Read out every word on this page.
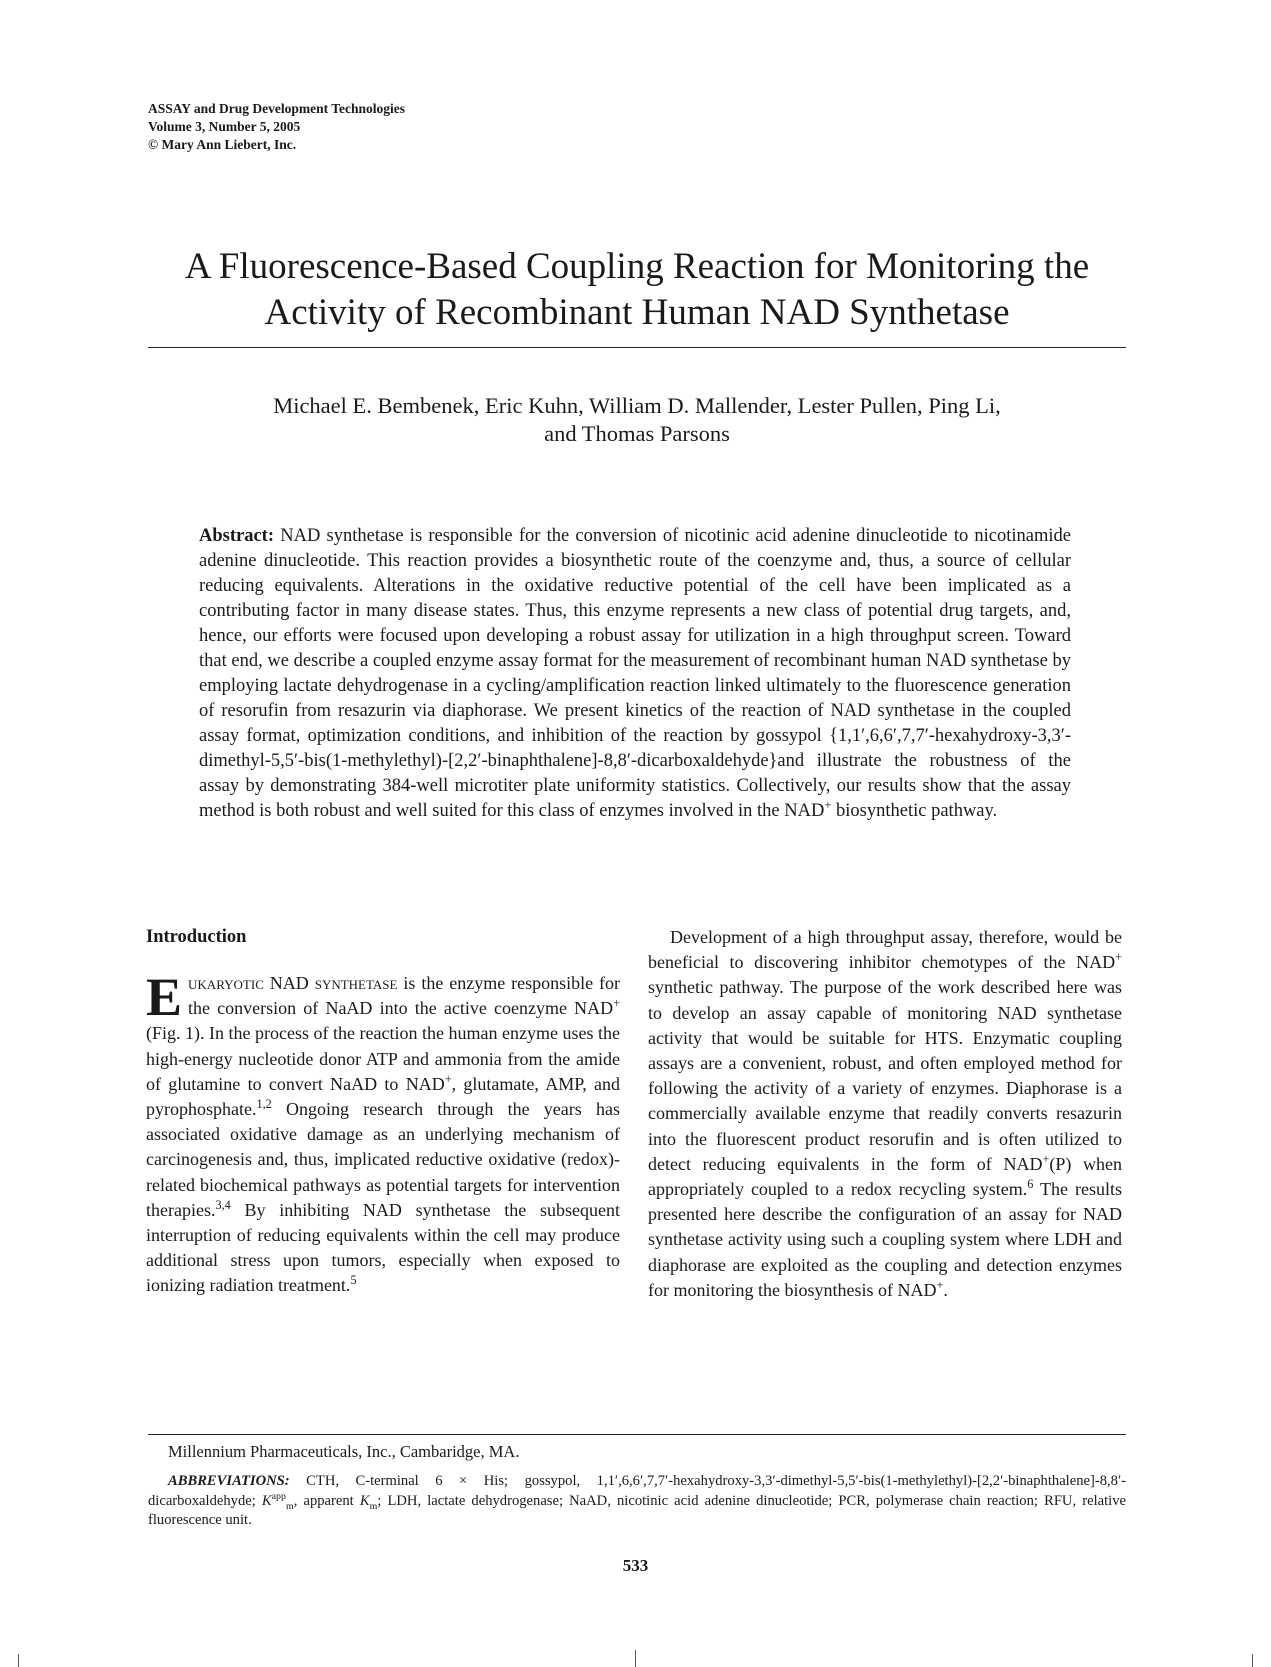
ASSAY and Drug Development Technologies
Volume 3, Number 5, 2005
© Mary Ann Liebert, Inc.
A Fluorescence-Based Coupling Reaction for Monitoring the
Activity of Recombinant Human NAD Synthetase
Michael E. Bembenek, Eric Kuhn, William D. Mallender, Lester Pullen, Ping Li,
and Thomas Parsons

Abstract: NAD synthetase is responsible for the conversion of nicotinic acid adenine dinucleotide to nicotinamide adenine dinucleotide. This reaction provides a biosynthetic route of the coenzyme and, thus, a source of cellular reducing equivalents. Alterations in the oxidative reductive potential of the cell have been implicated as a contributing factor in many disease states. Thus, this enzyme represents a new class of potential drug targets, and, hence, our efforts were focused upon developing a robust assay for utilization in a high throughput screen. Toward that end, we describe a coupled enzyme assay format for the measurement of recombinant human NAD synthetase by employing lactate dehydrogenase in a cycling/amplification reaction linked ultimately to the fluorescence generation of resorufin from resazurin via diaphorase. We present kinetics of the reaction of NAD synthetase in the coupled assay format, optimization conditions, and inhibition of the reaction by gossypol {1,1′,6,6′,7,7′-hexahydroxy-3,3′-dimethyl-5,5′-bis(1-methylethyl)-[2,2′-binaphthalene]-8,8′-dicarboxaldehyde}and illustrate the robustness of the assay by demonstrating 384-well microtiter plate uniformity statistics. Collectively, our results show that the assay method is both robust and well suited for this class of enzymes involved in the NAD+ biosynthetic pathway.

Introduction

Eukaryotic NAD synthetase is the enzyme responsible for the conversion of NaAD into the active coenzyme NAD+ (Fig. 1). In the process of the reaction the human enzyme uses the high-energy nucleotide donor ATP and ammonia from the amide of glutamine to convert NaAD to NAD+, glutamate, AMP, and pyrophosphate.$^{1,2}$ Ongoing research through the years has associated oxidative damage as an underlying mechanism of carcinogenesis and, thus, implicated reductive oxidative (redox)-related biochemical pathways as potential targets for intervention therapies.$^{3,4}$ By inhibiting NAD synthetase the subsequent interruption of reducing equivalents within the cell may produce additional stress upon tumors, especially when exposed to ionizing radiation treatment.$^5$

Development of a high throughput assay, therefore, would be beneficial to discovering inhibitor chemotypes of the NAD+ synthetic pathway. The purpose of the work described here was to develop an assay capable of monitoring NAD synthetase activity that would be suitable for HTS. Enzymatic coupling assays are a convenient, robust, and often employed method for following the activity of a variety of enzymes. Diaphorase is a commercially available enzyme that readily converts resazurin into the fluorescent product resorufin and is often utilized to detect reducing equivalents in the form of NAD+(P) when appropriately coupled to a redox recycling system.$^6$ The results presented here describe the configuration of an assay for NAD synthetase activity using such a coupling system where LDH and diaphorase are exploited as the coupling and detection enzymes for monitoring the biosynthesis of NAD+.

Millennium Pharmaceuticals, Inc., Cambaridge, MA.
ABBREVIATIONS: CTH, C-terminal 6 × His; gossypol, 1,1′,6,6′,7,7′-hexahydroxy-3,3′-dimethyl-5,5′-bis(1-methylethyl)-[2,2′-binaphthalene]-8,8′-dicarboxaldehyde; $K^{app}_m$, apparent $K_m$; LDH, lactate dehydrogenase; NaAD, nicotinic acid adenine dinucleotide; PCR, polymerase chain reaction; RFU, relative fluorescence unit.
533
